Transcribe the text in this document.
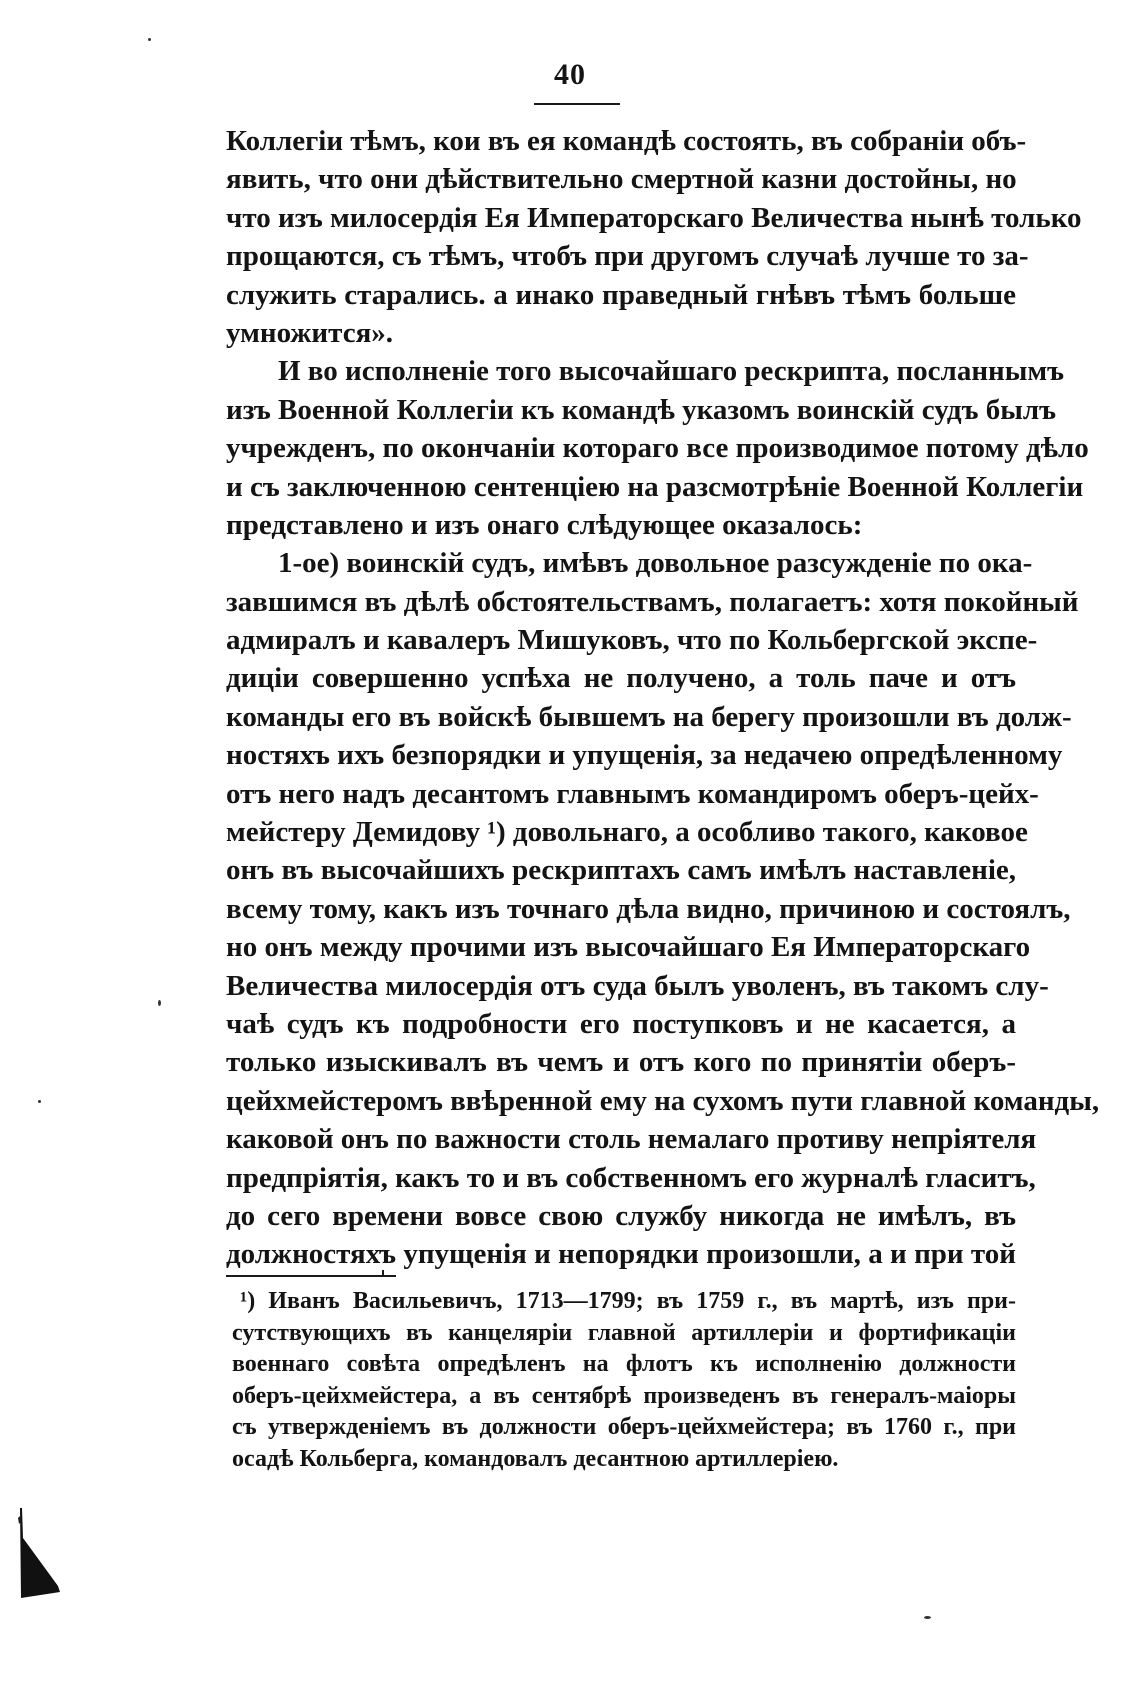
40
Коллегіи тѣмъ, кои въ ея командѣ состоять, въ собраніи объ-
явить, что они дѣйствительно смертной казни достойны, но
что изъ милосердія Ея Императорскаго Величества нынѣ только
прощаются, съ тѣмъ, чтобъ при другомъ случаѣ лучше то за-
служить старались. а инако праведный гнѣвъ тѣмъ больше
умножится».
И во исполненіе того высочайшаго рескрипта, посланнымъ
изъ Военной Коллегіи къ командѣ указомъ воинскій судъ былъ
учрежденъ, по окончаніи котораго все производимое потому дѣло
и съ заключенною сентенціею на разсмотрѣніе Военной Коллегіи
представлено и изъ онаго слѣдующее оказалось:
1-ое) воинскій судъ, имѣвъ довольное разсужденіе по ока-
завшимся въ дѣлѣ обстоятельствамъ, полагаетъ: хотя покойный
адмиралъ и кавалеръ Мишуковъ, что по Кольбергской экспе-
диціи совершенно успѣха не получено, а толь паче и отъ
команды его въ войскѣ бывшемъ на берегу произошли въ долж-
ностяхъ ихъ безпорядки и упущенія, за недачею опредѣленному
отъ него надъ десантомъ главнымъ командиромъ оберъ-цейх-
мейстеру Демидову ¹) довольнаго, а особливо такого, каковое
онъ въ высочайшихъ рескриптахъ самъ имѣлъ наставленіе,
всему тому, какъ изъ точнаго дѣла видно, причиною и состоялъ,
но онъ между прочими изъ высочайшаго Ея Императорскаго
Величества милосердія отъ суда былъ уволенъ, въ такомъ слу-
чаѣ судъ къ подробности его поступковъ и не касается, а
только изыскивалъ въ чемъ и отъ кого по принятіи оберъ-
цейхмейстеромъ ввѣренной ему на сухомъ пути главной команды,
каковой онъ по важности столь немалаго противу непріятеля
предпріятія, какъ то и въ собственномъ его журналѣ гласитъ,
до сего времени вовсе свою службу никогда не имѣлъ, въ
должностяхъ упущенія и непорядки произошли, а и при той
¹) Иванъ Васильевичъ, 1713—1799; въ 1759 г., въ мартѣ, изъ при-
сутствующихъ въ канцеляріи главной артиллеріи и фортификаціи
военнаго совѣта опредѣленъ на флотъ къ исполненію должности
оберъ-цейхмейстера, а въ сентябрѣ произведенъ въ генералъ-маіоры
съ утвержденіемъ въ должности оберъ-цейхмейстера; въ 1760 г., при
осадѣ Кольберга, командовалъ десантною артиллеріею.
